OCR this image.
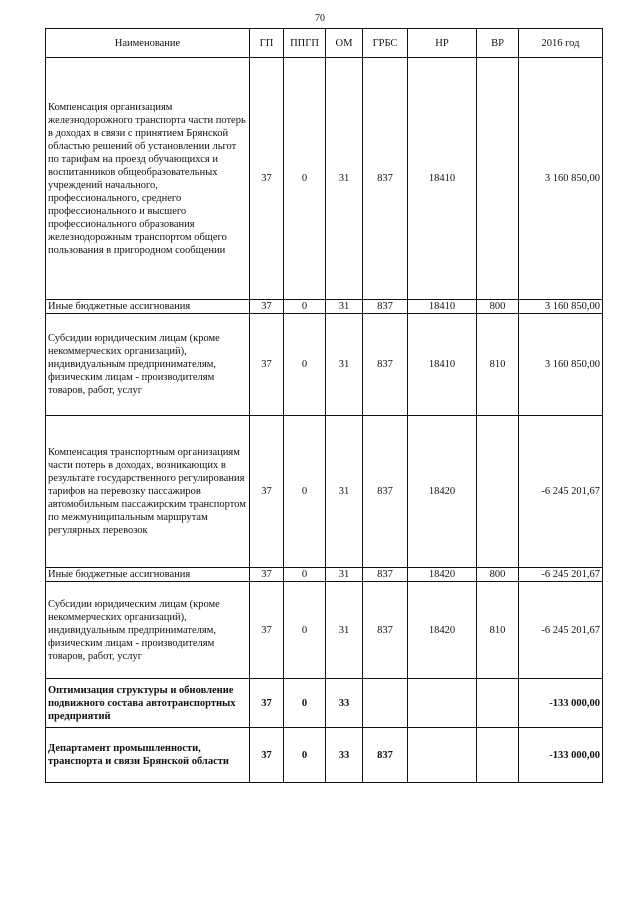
70
Наименование	ГП	ППГП	ОМ	ГРБС	НР	ВР	2016 год
Компенсация организациям железнодорожного транспорта части потерь в доходах в связи с принятием Брянской областью решений об установлении льгот по тарифам на проезд обучающихся и воспитанников общеобразовательных учреждений начального, профессионального, среднего профессионального и высшего профессионального образования железнодорожным транспортом общего пользования в пригородном сообщении	37	0	31	837	18410		3 160 850,00
Иные бюджетные ассигнования	37	0	31	837	18410	800	3 160 850,00
Субсидии юридическим лицам (кроме некоммерческих организаций), индивидуальным предпринимателям, физическим лицам - производителям товаров, работ, услуг	37	0	31	837	18410	810	3 160 850,00
Компенсация транспортным организациям части потерь в доходах, возникающих в результате государственного регулирования тарифов на перевозку пассажиров автомобильным пассажирским транспортом по межмуниципальным маршрутам регулярных перевозок	37	0	31	837	18420		-6 245 201,67
Иные бюджетные ассигнования	37	0	31	837	18420	800	-6 245 201,67
Субсидии юридическим лицам (кроме некоммерческих организаций), индивидуальным предпринимателям, физическим лицам - производителям товаров, работ, услуг	37	0	31	837	18420	810	-6 245 201,67
Оптимизация структуры и обновление подвижного состава автотранспортных предприятий	37	0	33				-133 000,00
Департамент промышленности, транспорта и связи Брянской области	37	0	33	837			-133 000,00
